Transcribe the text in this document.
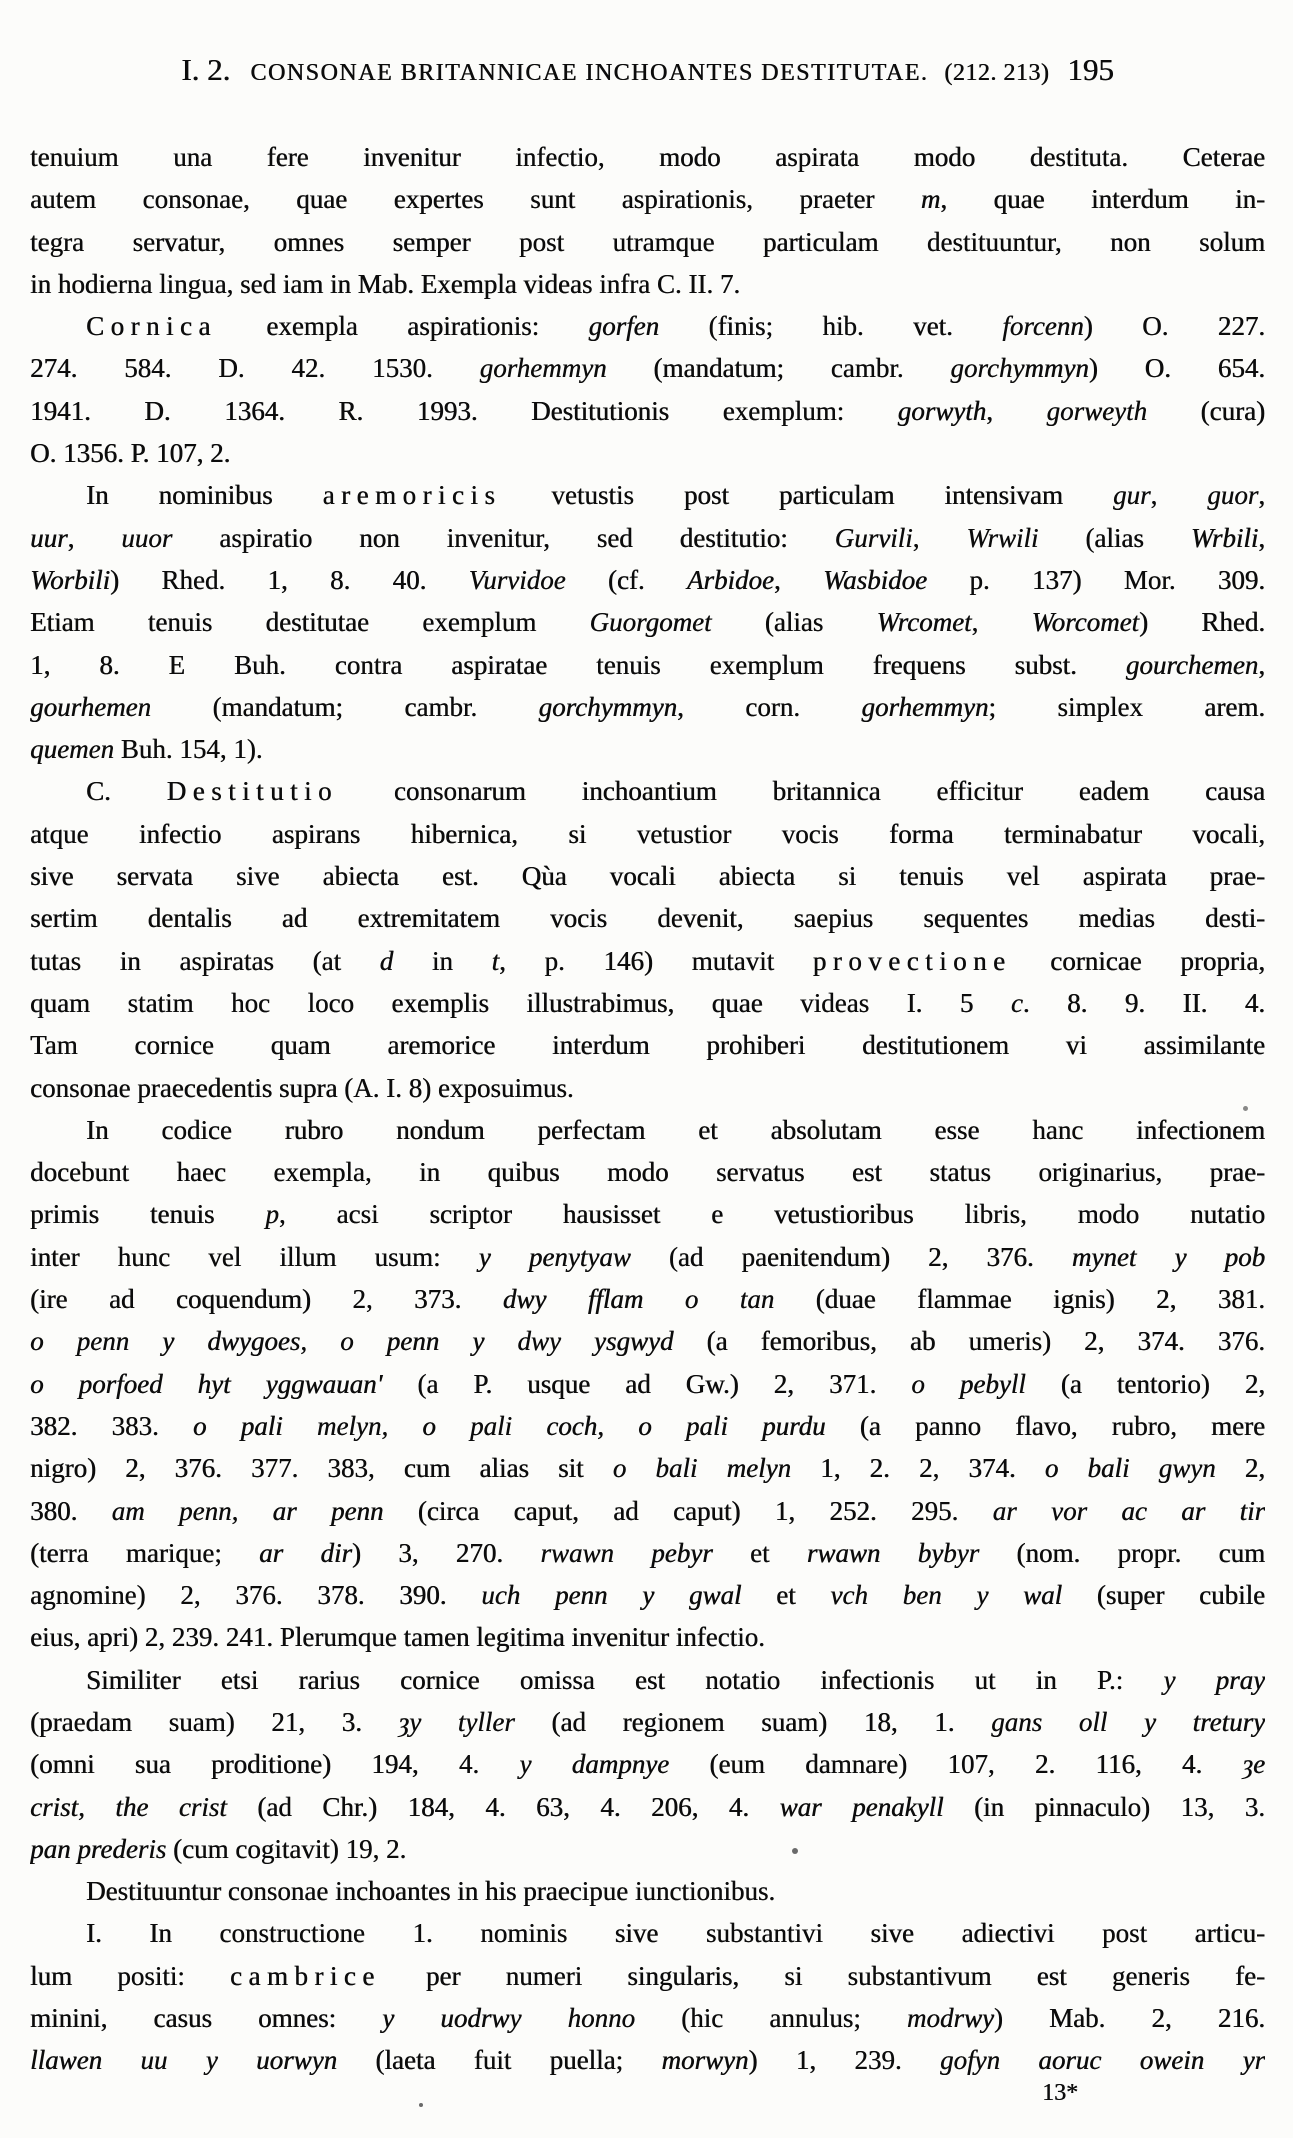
I. 2. CONSONAE BRITANNICAE INCHOANTES DESTITUTAE. (212. 213) 195
tenuium una fere invenitur infectio, modo aspirata modo destituta. Ceterae
autem consonae, quae expertes sunt aspirationis, praeter m, quae interdum in-
tegra servatur, omnes semper post utramque particulam destituuntur, non solum
in hodierna lingua, sed iam in Mab. Exempla videas infra C. II. 7.
Cornica exempla aspirationis: gorfen (finis; hib. vet. forcenn) O. 227.
274. 584. D. 42. 1530. gorhemmyn (mandatum; cambr. gorchymmyn) O. 654.
1941. D. 1364. R. 1993. Destitutionis exemplum: gorwyth, gorweyth (cura)
O. 1356. P. 107, 2.
In nominibus aremoricis vetustis post particulam intensivam gur, guor,
uur, uuor aspiratio non invenitur, sed destitutio: Gurvili, Wrwili (alias Wrbili,
Worbili) Rhed. 1, 8. 40. Vurvidoe (cf. Arbidoe, Wasbidoe p. 137) Mor. 309.
Etiam tenuis destitutae exemplum Guorgomet (alias Wrcomet, Worcomet) Rhed.
1, 8. E Buh. contra aspiratae tenuis exemplum frequens subst. gourchemen,
gourhemen (mandatum; cambr. gorchymmyn, corn. gorhemmyn; simplex arem.
quemen Buh. 154, 1).
C. Destitutio consonarum inchoantium britannica efficitur eadem causa
atque infectio aspirans hibernica, si vetustior vocis forma terminabatur vocali,
sive servata sive abiecta est. Qùa vocali abiecta si tenuis vel aspirata prae-
sertim dentalis ad extremitatem vocis devenit, saepius sequentes medias desti-
tutas in aspiratas (at d in t, p. 146) mutavit provectione cornicae propria,
quam statim hoc loco exemplis illustrabimus, quae videas I. 5 c. 8. 9. II. 4.
Tam cornice quam aremorice interdum prohiberi destitutionem vi assimilante
consonae praecedentis supra (A. I. 8) exposuimus.
In codice rubro nondum perfectam et absolutam esse hanc infectionem
docebunt haec exempla, in quibus modo servatus est status originarius, prae-
primis tenuis p, acsi scriptor hausisset e vetustioribus libris, modo nutatio
inter hunc vel illum usum: y penytyaw (ad paenitendum) 2, 376. mynet y pob
(ire ad coquendum) 2, 373. dwy fflam o tan (duae flammae ignis) 2, 381.
o penn y dwygoes, o penn y dwy ysgwyd (a femoribus, ab umeris) 2, 374. 376.
o porfoed hyt yggwauan' (a P. usque ad Gw.) 2, 371. o pebyll (a tentorio) 2,
382. 383. o pali melyn, o pali coch, o pali purdu (a panno flavo, rubro, mere
nigro) 2, 376. 377. 383, cum alias sit o bali melyn 1, 2. 2, 374. o bali gwyn 2,
380. am penn, ar penn (circa caput, ad caput) 1, 252. 295. ar vor ac ar tir
(terra marique; ar dir) 3, 270. rwawn pebyr et rwawn bybyr (nom. propr. cum
agnomine) 2, 376. 378. 390. uch penn y gwal et vch ben y wal (super cubile
eius, apri) 2, 239. 241. Plerumque tamen legitima invenitur infectio.
Similiter etsi rarius cornice omissa est notatio infectionis ut in P.: y pray
(praedam suam) 21, 3. ȝy tyller (ad regionem suam) 18, 1. gans oll y tretury
(omni sua proditione) 194, 4. y dampnye (eum damnare) 107, 2. 116, 4. ȝe
crist, the crist (ad Chr.) 184, 4. 63, 4. 206, 4. war penakyll (in pinnaculo) 13, 3.
pan prederis (cum cogitavit) 19, 2.
Destituuntur consonae inchoantes in his praecipue iunctionibus.
I. In constructione 1. nominis sive substantivi sive adiectivi post articu-
lum positi: cambrice per numeri singularis, si substantivum est generis fe-
minini, casus omnes: y uodrwy honno (hic annulus; modrwy) Mab. 2, 216.
llawen uu y uorwyn (laeta fuit puella; morwyn) 1, 239. gofyn aoruc owein yr
13*
